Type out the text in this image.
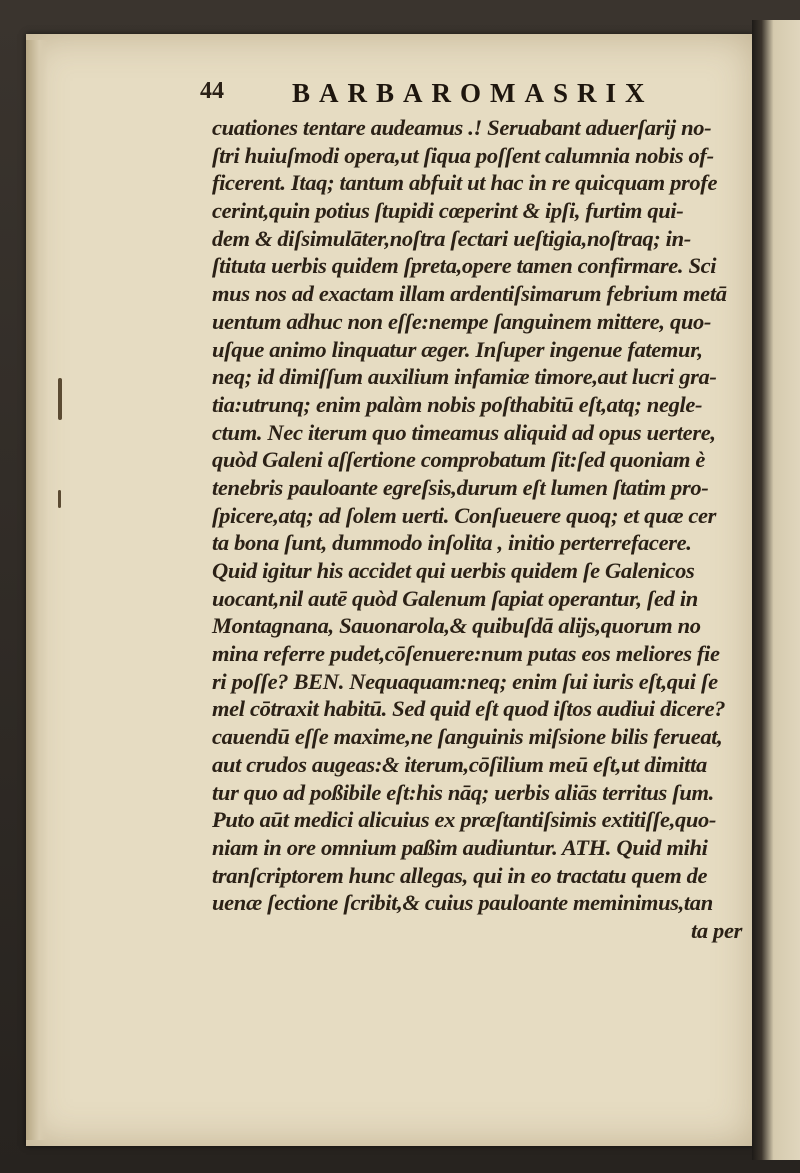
44	BARBAROMASRIX
cuationes tentare audeamus .! Seruabant aduerſarij no-
ſtri huiuſmodi opera,ut ſiqua poſſent calumnia nobis of-
ficerent. Itaq; tantum abfuit ut hac in re quicquam profe
cerint,quin potius ſtupidi cœperint & ipſi, furtim qui-
dem & diſsimulāter,noſtra ſectari ueſtigia,noſtraq; in-
ſtituta uerbis quidem ſpreta,opere tamen confirmare. Sci
mus nos ad exactam illam ardentiſsimarum febrium metā
uentum adhuc non eſſe:nempe ſanguinem mittere, quo-
uſque animo linquatur æger. Inſuper ingenue fatemur,
neq; id dimiſſum auxilium infamiæ timore,aut lucri gra-
tia:utrunq; enim palàm nobis poſthabitū eſt,atq; negle-
ctum. Nec iterum quo timeamus aliquid ad opus uertere,
quòd Galeni aſſertione comprobatum ſit:ſed quoniam è
tenebris pauloante egreſsis,durum eſt lumen ſtatim pro-
ſpicere,atq; ad ſolem uerti. Conſueuere quoq; et quæ cer
ta bona ſunt, dummodo inſolita , initio perterrefacere.
Quid igitur his accidet qui uerbis quidem ſe Galenicos
uocant,nil autē quòd Galenum ſapiat operantur, ſed in
Montagnana, Sauonarola,& quibuſdā alijs,quorum no
mina referre pudet,cōſenuere:num putas eos meliores fie
ri poſſe? BEN. Nequaquam:neq; enim ſui iuris eſt,qui ſe
mel cōtraxit habitū. Sed quid eſt quod iſtos audiui dicere?
cauendū eſſe maxime,ne ſanguinis miſsione bilis ferueat,
aut crudos augeas:& iterum,cōſilium meū eſt,ut dimitta
tur quo ad poßibile eſt:his nāq; uerbis aliās territus ſum.
Puto aūt medici alicuius ex præſtantiſsimis extitiſſe,quo-
niam in ore omnium paßim audiuntur. ATH. Quid mihi
tranſcriptorem hunc allegas, qui in eo tractatu quem de
uenæ ſectione ſcribit,& cuius pauloante meminimus,tan
ta per
